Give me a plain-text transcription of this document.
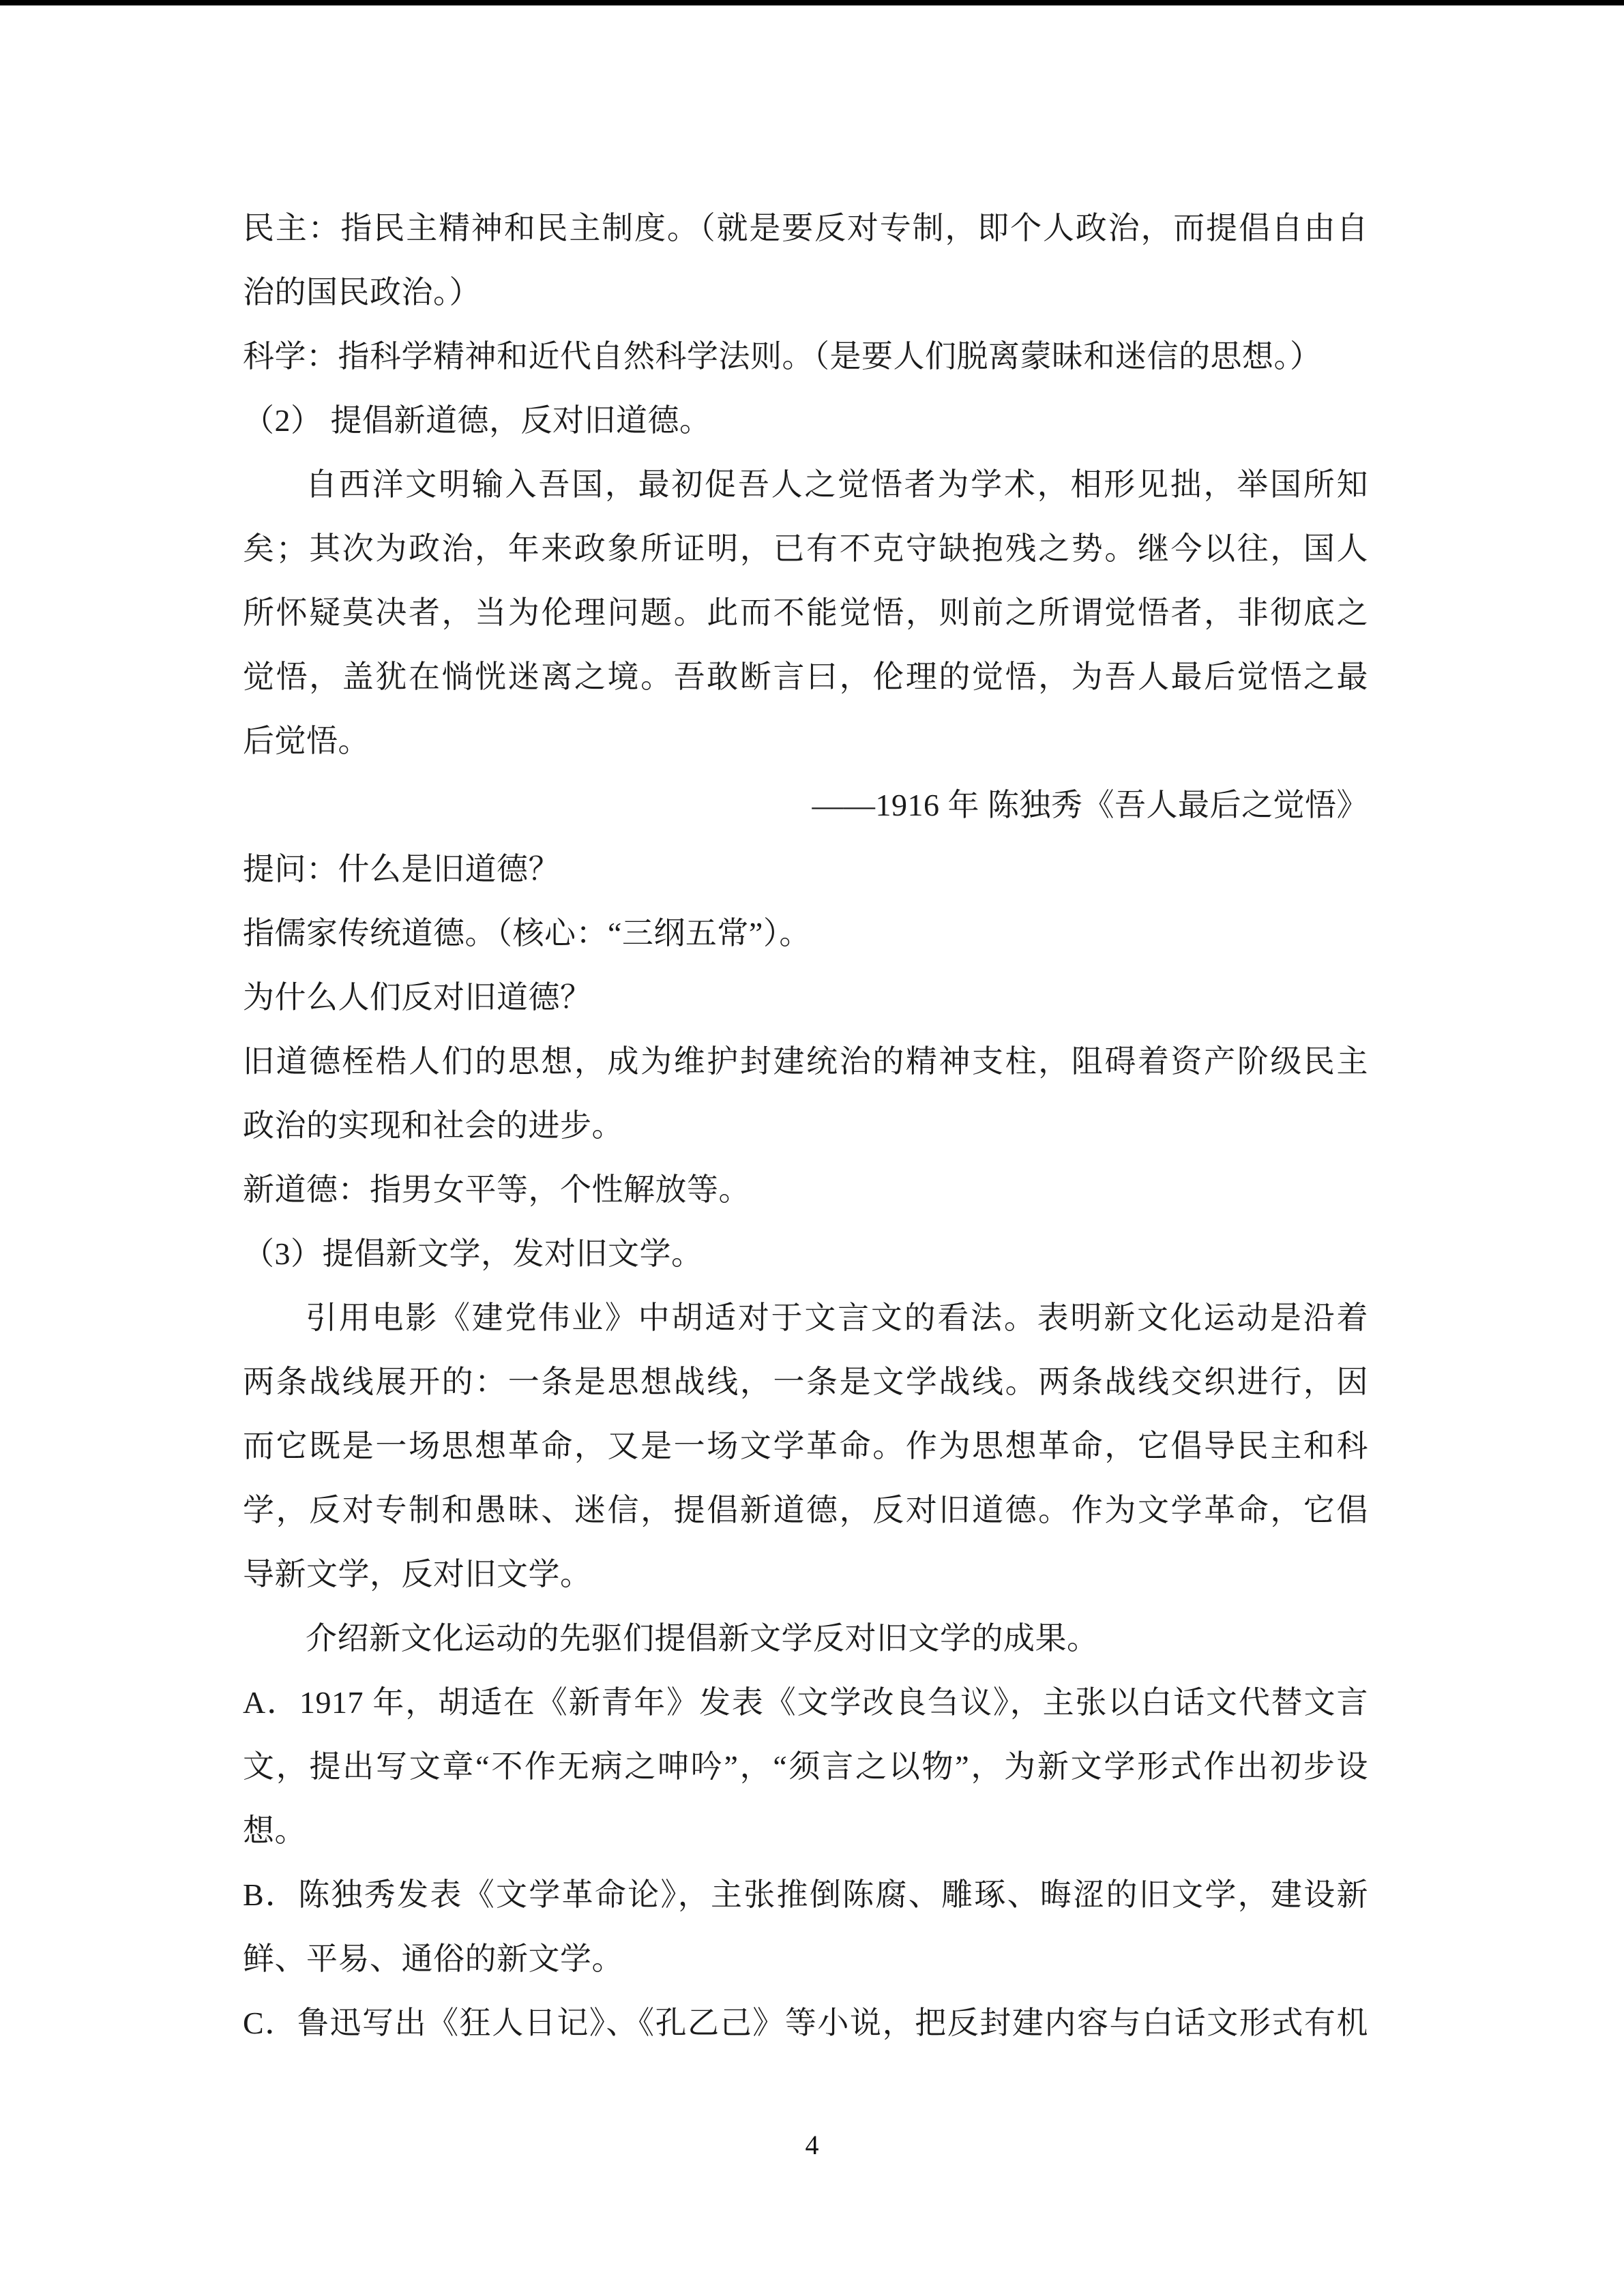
民主：指民主精神和民主制度。（就是要反对专制，即个人政治，而提倡自由自
治的国民政治。）
科学：指科学精神和近代自然科学法则。（是要人们脱离蒙昧和迷信的思想。）
（2） 提倡新道德，反对旧道德。
自西洋文明输入吾国，最初促吾人之觉悟者为学术，相形见拙，举国所知
矣；其次为政治，年来政象所证明，已有不克守缺抱残之势。继今以往，国人
所怀疑莫决者，当为伦理问题。此而不能觉悟，则前之所谓觉悟者，非彻底之
觉悟，盖犹在惝恍迷离之境。吾敢断言曰，伦理的觉悟，为吾人最后觉悟之最
后觉悟。
——1916 年 陈独秀《吾人最后之觉悟》
提问：什么是旧道德？
指儒家传统道德。（核心：“三纲五常”）。
为什么人们反对旧道德？
旧道德桎梏人们的思想，成为维护封建统治的精神支柱，阻碍着资产阶级民主
政治的实现和社会的进步。
新道德：指男女平等，个性解放等。
（3）提倡新文学，发对旧文学。
引用电影《建党伟业》中胡适对于文言文的看法。表明新文化运动是沿着
两条战线展开的：一条是思想战线，一条是文学战线。两条战线交织进行，因
而它既是一场思想革命，又是一场文学革命。作为思想革命，它倡导民主和科
学，反对专制和愚昧、迷信，提倡新道德，反对旧道德。作为文学革命，它倡
导新文学，反对旧文学。
介绍新文化运动的先驱们提倡新文学反对旧文学的成果。
A．1917 年，胡适在《新青年》发表《文学改良刍议》，主张以白话文代替文言
文，提出写文章“不作无病之呻吟”，“须言之以物”，为新文学形式作出初步设
想。
B．陈独秀发表《文学革命论》，主张推倒陈腐、雕琢、晦涩的旧文学，建设新
鲜、平易、通俗的新文学。
C．鲁迅写出《狂人日记》、《孔乙己》等小说，把反封建内容与白话文形式有机
4
